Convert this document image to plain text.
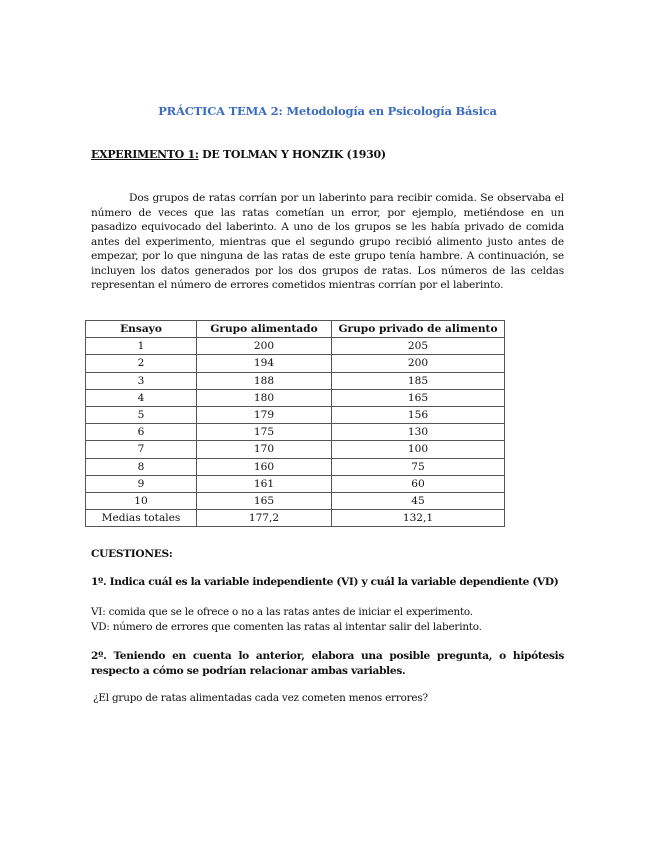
PRÁCTICA TEMA 2: Metodología en Psicología Básica
EXPERIMENTO 1: DE TOLMAN Y HONZIK (1930)

Dos grupos de ratas corrían por un laberinto para recibir comida. Se observaba el número de veces que las ratas cometían un error, por ejemplo, metiéndose en un pasadizo equivocado del laberinto. A uno de los grupos se les había privado de comida antes del experimento, mientras que el segundo grupo recibió alimento justo antes de empezar, por lo que ninguna de las ratas de este grupo tenía hambre. A continuación, se incluyen los datos generados por los dos grupos de ratas. Los números de las celdas representan el número de errores cometidos mientras corrían por el laberinto.

Ensayo	Grupo alimentado	Grupo privado de alimento
1	200	205
2	194	200
3	188	185
4	180	165
5	179	156
6	175	130
7	170	100
8	160	75
9	161	60
10	165	45
Medias totales	177,2	132,1
CUESTIONES:
1º. Indica cuál es la variable independiente (VI) y cuál la variable dependiente (VD)
VI: comida que se le ofrece o no a las ratas antes de iniciar el experimento.
VD: número de errores que comenten las ratas al intentar salir del laberinto.
2º. Teniendo en cuenta lo anterior, elabora una posible pregunta, o hipótesis respecto a cómo se podrían relacionar ambas variables.
¿El grupo de ratas alimentadas cada vez cometen menos errores?
